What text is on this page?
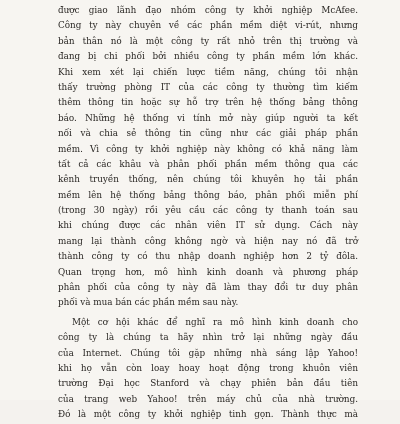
được giao lãnh đạo nhóm công ty khởi nghiệp McAfee.
Công ty này chuyên về các phần mềm diệt vi-rút, nhưng
bản thân nó là một công ty rất nhỏ trên thị trường và
đang bị chi phối bởi nhiều công ty phần mềm lớn khác.
Khi xem xét lại chiến lược tiềm năng, chúng tôi nhận
thấy trường phòng IT của các công ty thường tìm kiếm
thêm thông tin hoặc sự hỗ trợ trên hệ thống bảng thông
báo. Những hệ thống vi tính mở này giúp người ta kết
nối và chia sẻ thông tin cũng như các giải pháp phần
mềm. Vì công ty khởi nghiệp này không có khả năng làm
tất cả các khâu và phân phối phần mềm thông qua các
kênh truyền thống, nên chúng tôi khuyên họ tải phần
mềm lên hệ thống bảng thông báo, phân phối miễn phí
(trong 30 ngày) rồi yêu cầu các công ty thanh toán sau
khi chúng được các nhân viên IT sử dụng. Cách này
mang lại thành công không ngờ và hiện nay nó đã trở
thành công ty có thu nhập doanh nghiệp hơn 2 tỷ đôla.
Quan trọng hơn, mô hình kinh doanh và phương pháp
phân phối của công ty này đã làm thay đổi tư duy phân
phối và mua bán các phần mềm sau này.

Một cơ hội khác để nghĩ ra mô hình kinh doanh cho
công ty là chúng ta hãy nhìn trở lại những ngày đầu
của Internet. Chúng tôi gặp những nhà sáng lập Yahoo!
khi họ vẫn còn loay hoay hoạt động trong khuôn viên
trường Đại học Stanford và chạy phiên bản đầu tiên
của trang web Yahoo! trên máy chủ của nhà trường.
Đó là một công ty khởi nghiệp tinh gọn. Thành thực mà
